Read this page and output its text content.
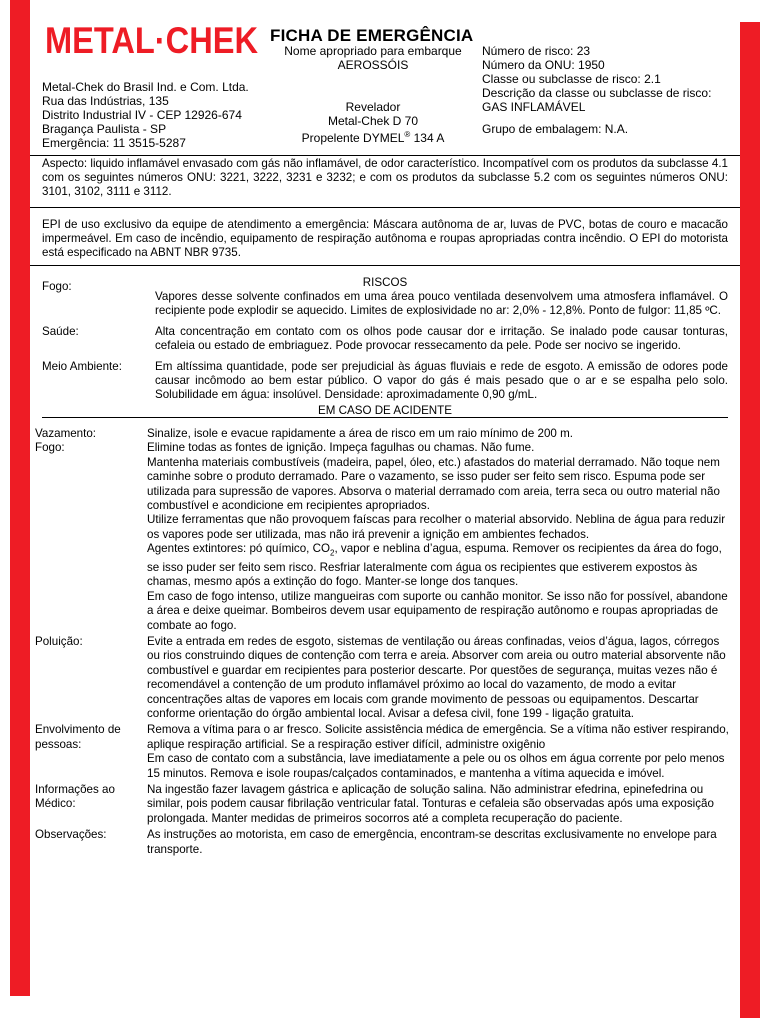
METAL·CHEK FICHA DE EMERGÊNCIA
Nome apropriado para embarque
AEROSSÓIS
Revelador
Metal-Chek D 70
Propelente DYMEL® 134 A
Metal-Chek do Brasil Ind. e Com. Ltda.
Rua das Indústrias, 135
Distrito Industrial IV - CEP 12926-674
Bragança Paulista - SP
Emergência: 11 3515-5287
Número de risco: 23
Número da ONU: 1950
Classe ou subclasse de risco: 2.1
Descrição da classe ou subclasse de risco:
GAS INFLAMÁVEL
Grupo de embalagem: N.A.
Aspecto: liquido inflamável envasado com gás não inflamável, de odor característico. Incompatível com os produtos da subclasse 4.1 com os seguintes números ONU: 3221, 3222, 3231 e 3232; e com os produtos da subclasse 5.2 com os seguintes números ONU: 3101, 3102, 3111 e 3112.
EPI de uso exclusivo da equipe de atendimento a emergência: Máscara autônoma de ar, luvas de PVC, botas de couro e macacão impermeável. Em caso de incêndio, equipamento de respiração autônoma e roupas apropriadas contra incêndio. O EPI do motorista está especificado na ABNT NBR 9735.
RISCOS
Fogo:
Vapores desse solvente confinados em uma área pouco ventilada desenvolvem uma atmosfera inflamável. O recipiente pode explodir se aquecido. Limites de explosividade no ar: 2,0% - 12,8%. Ponto de fulgor: 11,85 ºC.
Saúde:	Alta concentração em contato com os olhos pode causar dor e irritação. Se inalado pode causar tonturas, cefaleia ou estado de embriaguez. Pode provocar ressecamento da pele. Pode ser nocivo se ingerido.
Meio Ambiente:	Em altíssima quantidade, pode ser prejudicial às águas fluviais e rede de esgoto. A emissão de odores pode causar incômodo ao bem estar público. O vapor do gás é mais pesado que o ar e se espalha pelo solo. Solubilidade em água: insolúvel. Densidade: aproximadamente 0,90 g/mL.
EM CASO DE ACIDENTE
Vazamento:	Sinalize, isole e evacue rapidamente a área de risco em um raio mínimo de 200 m.
Fogo:	Elimine todas as fontes de ignição. Impeça fagulhas ou chamas. Não fume.

Mantenha materiais combustíveis (madeira, papel, óleo, etc.) afastados do material derramado. Não toque nem caminhe sobre o produto derramado. Pare o vazamento, se isso puder ser feito sem risco. Espuma pode ser utilizada para supressão de vapores. Absorva o material derramado com areia, terra seca ou outro material não combustível e acondicione em recipientes apropriados.

Utilize ferramentas que não provoquem faíscas para recolher o material absorvido. Neblina de água para reduzir os vapores pode ser utilizada, mas não irá prevenir a ignição em ambientes fechados.

Agentes extintores: pó químico, $CO_2$, vapor e neblina d’agua, espuma. Remover os recipientes da área do fogo, se isso puder ser feito sem risco. Resfriar lateralmente com água os recipientes que estiverem expostos às chamas, mesmo após a extinção do fogo. Manter-se longe dos tanques.

Em caso de fogo intenso, utilize mangueiras com suporte ou canhão monitor. Se isso não for possível, abandone a área e deixe queimar. Bombeiros devem usar equipamento de respiração autônomo e roupas apropriadas de combate ao fogo.

Poluição:	Evite a entrada em redes de esgoto, sistemas de ventilação ou áreas confinadas, veios d’água, lagos, córregos ou rios construindo diques de contenção com terra e areia. Absorver com areia ou outro material absorvente não combustível e guardar em recipientes para posterior descarte. Por questões de segurança, muitas vezes não é recomendável a contenção de um produto inflamável próximo ao local do vazamento, de modo a evitar concentrações altas de vapores em locais com grande movimento de pessoas ou equipamentos. Descartar conforme orientação do órgão ambiental local. Avisar a defesa civil, fone 199 - ligação gratuita.
Envolvimento de
pessoas:

Remova a vítima para o ar fresco. Solicite assistência médica de emergência. Se a vítima não estiver respirando, aplique respiração artificial. Se a respiração estiver difícil, administre oxigênio

Em caso de contato com a substância, lave imediatamente a pele ou os olhos em água corrente por pelo menos 15 minutos. Remova e isole roupas/calçados contaminados, e mantenha a vítima aquecida e imóvel.

Informações ao
Médico:
Na ingestão fazer lavagem gástrica e aplicação de solução salina. Não administrar efedrina, epinefedrina ou similar, pois podem causar fibrilação ventricular fatal. Tonturas e cefaleia são observadas após uma exposição prolongada. Manter medidas de primeiros socorros até a completa recuperação do paciente.
Observações:	As instruções ao motorista, em caso de emergência, encontram-se descritas exclusivamente no envelope para transporte.
